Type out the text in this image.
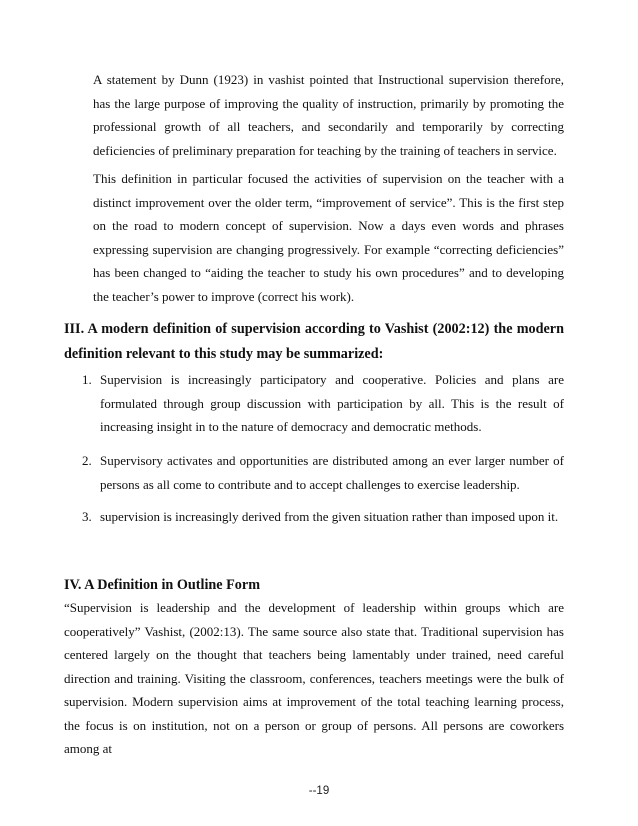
A statement by Dunn (1923) in vashist pointed that Instructional supervision therefore, has the large purpose of improving the quality of instruction, primarily by promoting the professional growth of all teachers, and secondarily and temporarily by correcting deficiencies of preliminary preparation for teaching by the training of teachers in service.

This definition in particular focused the activities of supervision on the teacher with a distinct improvement over the older term, “improvement of service”. This is the first step on the road to modern concept of supervision. Now a days even words and phrases expressing supervision are changing progressively. For example “correcting deficiencies” has been changed to “aiding the teacher to study his own procedures” and to developing the teacher’s power to improve (correct his work).

III. A modern definition of supervision according to Vashist (2002:12) the modern definition relevant to this study may be summarized:
1. Supervision is increasingly participatory and cooperative. Policies and plans are formulated through group discussion with participation by all. This is the result of increasing insight in to the nature of democracy and democratic methods.
2. Supervisory activates and opportunities are distributed among an ever larger number of persons as all come to contribute and to accept challenges to exercise leadership.
3. supervision is increasingly derived from the given situation rather than imposed upon it.
IV. A Definition in Outline Form

“Supervision is leadership and the development of leadership within groups which are cooperatively” Vashist, (2002:13). The same source also state that. Traditional supervision has centered largely on the thought that teachers being lamentably under trained, need careful direction and training. Visiting the classroom, conferences, teachers meetings were the bulk of supervision. Modern supervision aims at improvement of the total teaching learning process, the focus is on institution, not on a person or group of persons. All persons are coworkers among at

--19
